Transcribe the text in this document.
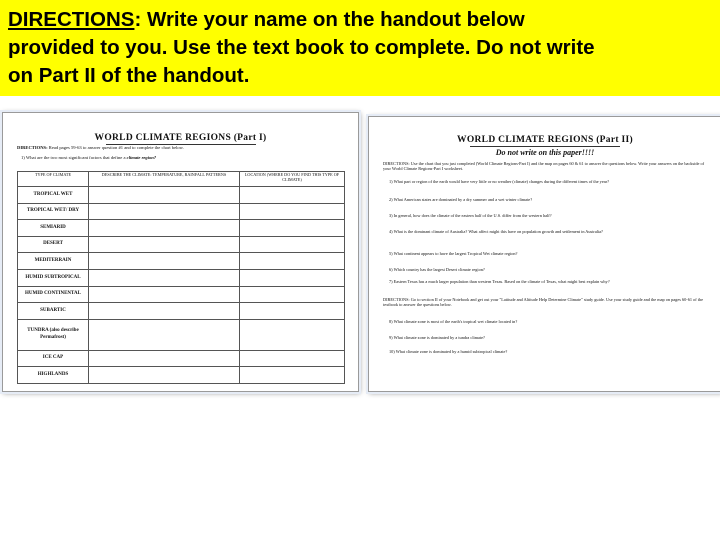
DIRECTIONS: Write your name on the handout below

provided to you. Use the text book to complete. Do not write

on Part II of the handout.

WORLD CLIMATE REGIONS (Part I)
DIRECTIONS: Read pages 59-63 to answer question #1 and to complete the chart below.
1) What are the two most significant factors that define a climate region?
TYPE OF CLIMATE	DESCRIBE THE CLIMATE: TEMPERATURE, RAINFALL PATTERNS	LOCATION (WHERE DO YOU FIND THIS TYPE OF CLIMATE)
TROPICAL WET		
TROPICAL WET/ DRY		
SEMIARID		
DESERT		
MEDITERRAIN		
HUMID SUBTROPICAL		
HUMID CONTINENTAL		
SUBARTIC		
TUNDRA (also describe Permafrost)		
ICE CAP		
HIGHLANDS		
WORLD CLIMATE REGIONS (Part II)
Do not write on this paper!!!!
DIRECTIONS: Use the chart that you just completed (World Climate Regions-Part I) and the map on pages 60 & 61 to answer the questions below. Write your answers on the backside of your World Climate Regions-Part I worksheet.
1) What part or region of the earth would have very little or no weather (climate) changes during the different times of the year?
2) What American states are dominated by a dry summer and a wet winter climate?
3) In general, how does the climate of the eastern half of the U.S. differ from the western half?
4) What is the dominant climate of Australia? What affect might this have on population growth and settlement in Australia?
5) What continent appears to have the largest Tropical Wet climate region?
6) Which country has the largest Desert climate region?
7) Eastern Texas has a much larger population than western Texas. Based on the climate of Texas, what might best explain why?
DIRECTIONS: Go to section II of your Notebook and get out your "Latitude and Altitude Help Determine Climate" study guide. Use your study guide and the map on pages 60-61 of the textbook to answer the questions below.
8) What climate zone is most of the earth's tropical wet climate located in?
9) What climate zone is dominated by a tundra climate?
10) What climate zone is dominated by a humid subtropical climate?
